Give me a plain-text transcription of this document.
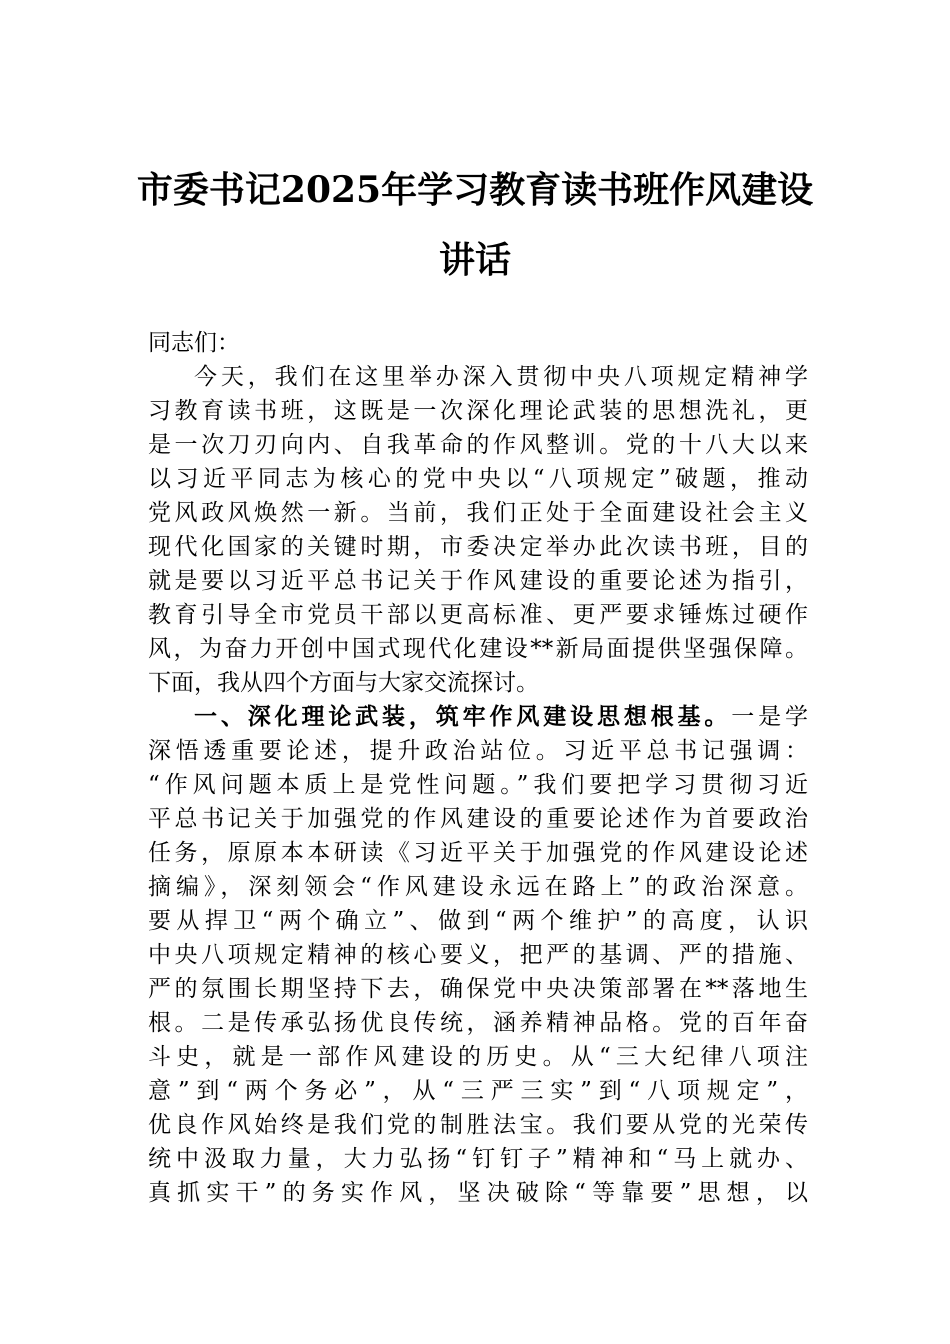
市委书记2025年学习教育读书班作风建设
讲话
同志们：
今天，我们在这里举办深入贯彻中央八项规定精神学
习教育读书班，这既是一次深化理论武装的思想洗礼，更
是一次刀刃向内、自我革命的作风整训。党的十八大以来
以习近平同志为核心的党中央以“八项规定”破题，推动
党风政风焕然一新。当前，我们正处于全面建设社会主义
现代化国家的关键时期，市委决定举办此次读书班，目的
就是要以习近平总书记关于作风建设的重要论述为指引，
教育引导全市党员干部以更高标准、更严要求锤炼过硬作
风，为奋力开创中国式现代化建设**新局面提供坚强保障。
下面，我从四个方面与大家交流探讨。
一、深化理论武装，筑牢作风建设思想根基。一是学
深悟透重要论述，提升政治站位。习近平总书记强调：
“作风问题本质上是党性问题。”我们要把学习贯彻习近
平总书记关于加强党的作风建设的重要论述作为首要政治
任务，原原本本研读《习近平关于加强党的作风建设论述
摘编》，深刻领会“作风建设永远在路上”的政治深意。
要从捍卫“两个确立”、做到“两个维护”的高度，认识
中央八项规定精神的核心要义，把严的基调、严的措施、
严的氛围长期坚持下去，确保党中央决策部署在**落地生
根。二是传承弘扬优良传统，涵养精神品格。党的百年奋
斗史，就是一部作风建设的历史。从“三大纪律八项注
意”到“两个务必”，从“三严三实”到“八项规定”，
优良作风始终是我们党的制胜法宝。我们要从党的光荣传
统中汲取力量，大力弘扬“钉钉子”精神和“马上就办、
真抓实干”的务实作风，坚决破除“等靠要”思想，以
